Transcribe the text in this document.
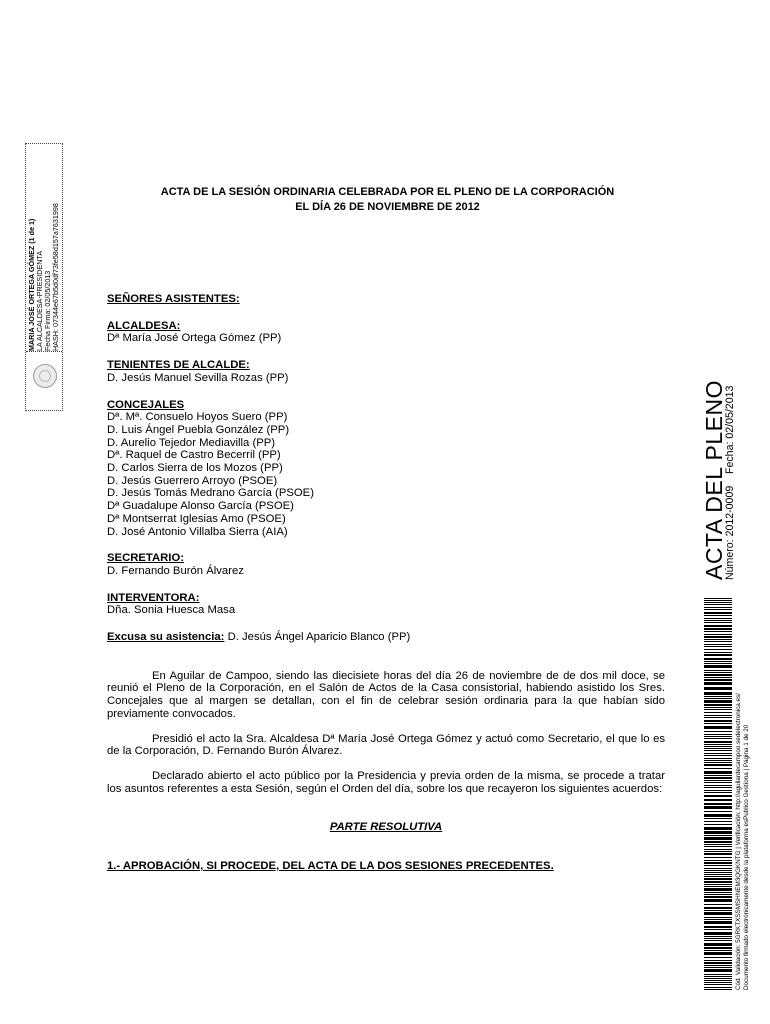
MARIA JOSÉ ORTEGA GÓMEZ (1 de 1) LA ALCALDESA-PRESIDENTA Fecha Firma: 02/05/2013 HASH: 07344e67b5d0df73fe58d157a7631998
ACTA DE LA SESIÓN ORDINARIA CELEBRADA POR EL PLENO DE LA CORPORACIÓN
EL DÍA 26 DE NOVIEMBRE DE 2012
SEÑORES ASISTENTES:
ALCALDESA:
Dª María José Ortega Gómez (PP)
TENIENTES DE ALCALDE:
D. Jesús Manuel Sevilla Rozas (PP)
CONCEJALES
Dª. Mª. Consuelo Hoyos Suero (PP)
D. Luis Ángel Puebla González (PP)
D. Aurelio Tejedor Mediavilla (PP)
Dª. Raquel de Castro Becerril (PP)
D. Carlos Sierra de los Mozos (PP)
D. Jesús Guerrero Arroyo (PSOE)
D. Jesús Tomás Medrano García (PSOE)
Dª Guadalupe Alonso García (PSOE)
Dª Montserrat Iglesias Amo (PSOE)
D. José Antonio Villalba Sierra (AIA)
SECRETARIO:
D. Fernando Burón Álvarez
INTERVENTORA:
Dña. Sonia Huesca Masa
Excusa su asistencia: D. Jesús Ángel Aparicio Blanco (PP)

En Aguilar de Campoo, siendo las diecisiete horas del día 26 de noviembre de de dos mil doce, se reunió el Pleno de la Corporación, en el Salón de Actos de la Casa consistorial, habiendo asistido los Sres. Concejales que al margen se detallan, con el fin de celebrar sesión ordinaria para la que habían sido previamente convocados.

Presidió el acto la Sra. Alcaldesa Dª María José Ortega Gómez y actuó como Secretario, el que lo es de la Corporación, D. Fernando Burón Álvarez.

Declarado abierto el acto público por la Presidencia y previa orden de la misma, se procede a tratar los asuntos referentes a esta Sesión, según el Orden del día, sobre los que recayeron los siguientes acuerdos:

PARTE RESOLUTIVA
1.- APROBACIÓN, SI PROCEDE, DEL ACTA DE LA DOS SESIONES PRECEDENTES.
ACTA DEL PLENO
Número: 2012-0009    Fecha: 02/05/2013
Cód. Validación: 5GRKTXSSMSHNEM3QGKNTG | Verificación: http://aguilardecampoo.sedelectronica.es/ Documento firmado electrónicamente desde la plataforma esPublico Gestiona | Página 1 de 20
